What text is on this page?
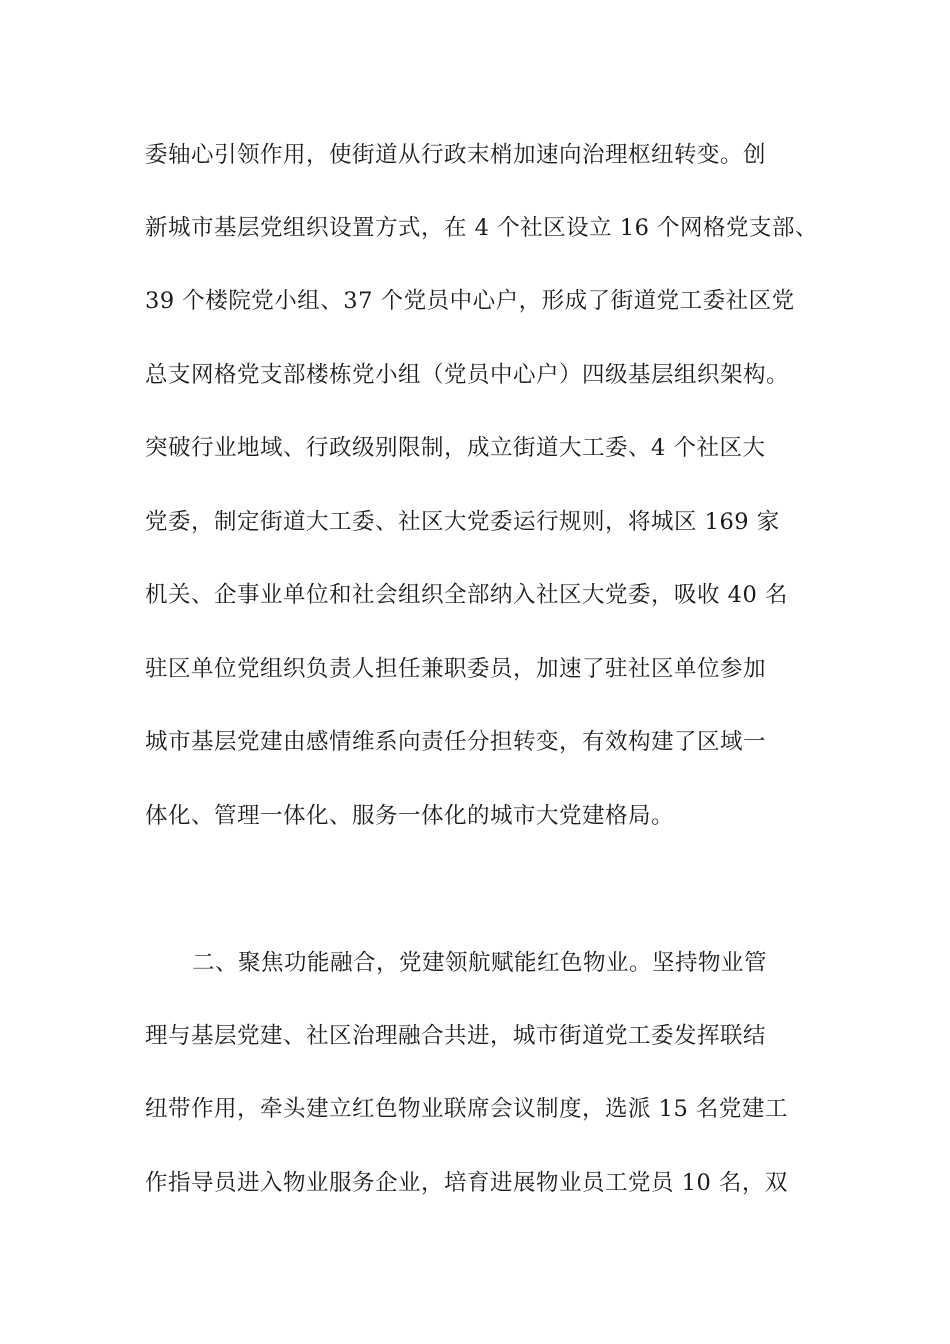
委轴心引领作用，使街道从行政末梢加速向治理枢纽转变。创
新城市基层党组织设置方式，在 4 个社区设立 16 个网格党支部、
39 个楼院党小组、37 个党员中心户，形成了街道党工委社区党
总支网格党支部楼栋党小组（党员中心户）四级基层组织架构。
突破行业地域、行政级别限制，成立街道大工委、4 个社区大
党委，制定街道大工委、社区大党委运行规则，将城区 169 家
机关、企事业单位和社会组织全部纳入社区大党委，吸收 40 名
驻区单位党组织负责人担任兼职委员，加速了驻社区单位参加
城市基层党建由感情维系向责任分担转变，有效构建了区域一
体化、管理一体化、服务一体化的城市大党建格局。
二、聚焦功能融合，党建领航赋能红色物业。坚持物业管
理与基层党建、社区治理融合共进，城市街道党工委发挥联结
纽带作用，牵头建立红色物业联席会议制度，选派 15 名党建工
作指导员进入物业服务企业，培育进展物业员工党员 10 名，双
